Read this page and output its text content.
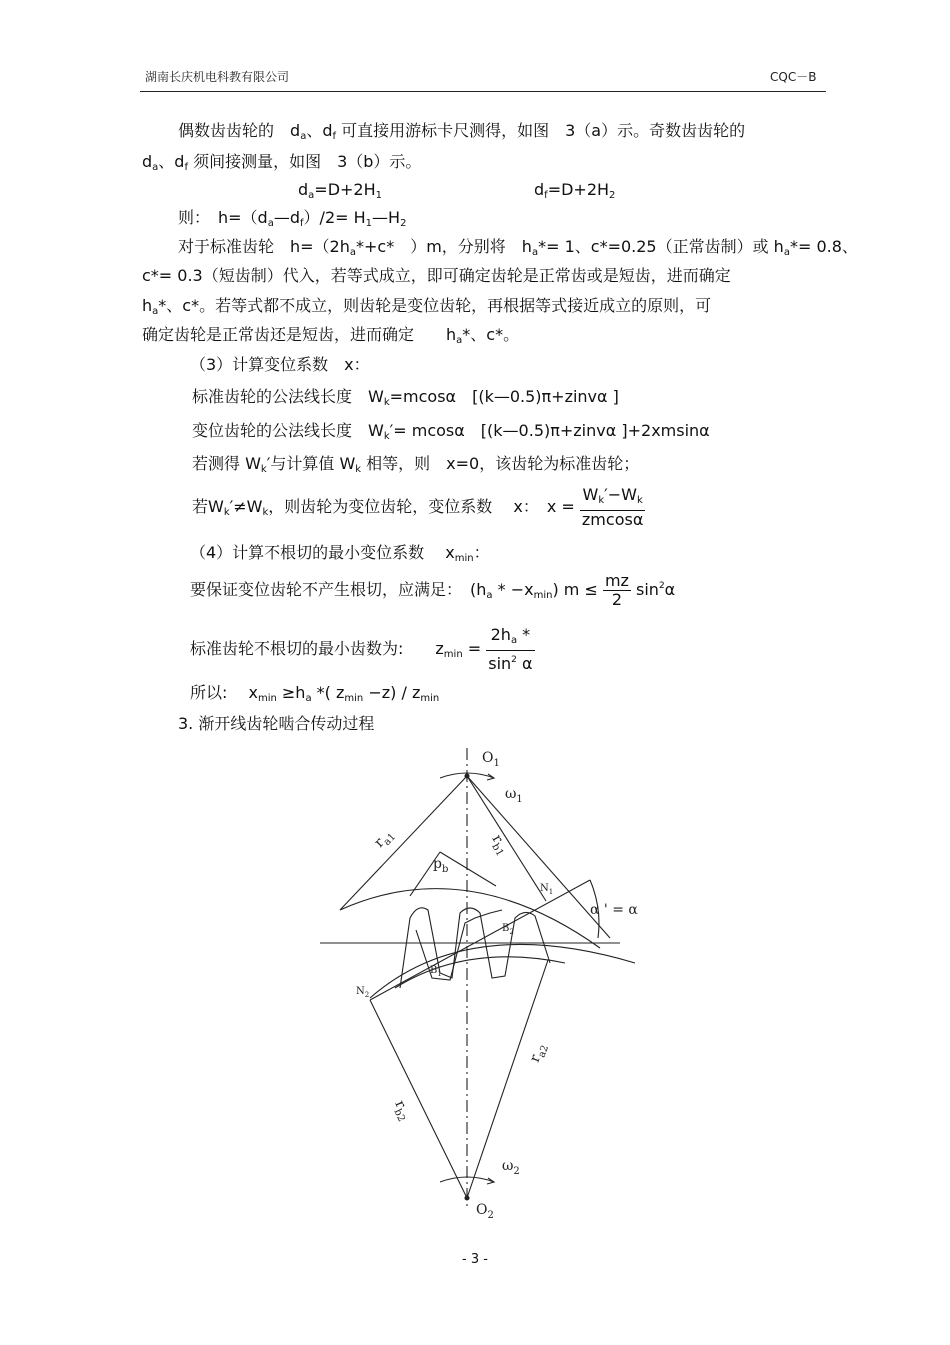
湖南长庆机电科教有限公司	CQC－B
偶数齿齿轮的　 $d_a$、$d_f$ 可直接用游标卡尺测得，如图　3（a）示。奇数齿齿轮的
$d_a$、$d_f$ 须间接测量，如图　3（b）示。
$d_a=D+2H_1$	$d_f=D+2H_2$
则：　$h=(d_a—d_f)/2=$ $H_1—H_2$
对于标准齿轮　$h=(2h_a*+c*$　）m，分别将　$h_a*= 1$、c*=0.25（正常齿制）或 $h_a*= 0.8$、
c*= 0.3（短齿制）代入，若等式成立，即可确定齿轮是正常齿或是短齿，进而确定
$h_a*$、c*。若等式都不成立，则齿轮是变位齿轮，再根据等式接近成立的原则，可
确定齿轮是正常齿还是短齿，进而确定　　$h_a*$、c*。
（3）计算变位系数　x：
标准齿轮的公法线长度　$W_k=mcos\alpha$　[(k—0.5)π+zinvα ]
变位齿轮的公法线长度　$W_k'= mcos\alpha$　[(k—0.5)π+zinvα ]+2xmsinα
若测得 $W_k'$与计算值 $W_k$ 相等，则　x=0，该齿轮为标准齿轮；
若$W_k'\ne W_k$，则齿轮为变位齿轮，变位系数　 x：　$x = \frac{W_k'-W_k}{zmcos\alpha}$
（4）计算不根切的最小变位系数　 $x_{min}$：
要保证变位齿轮不产生根切，应满足：　$(h_a * -x_{min}) m \le \frac{mz}{2} \sin^2\alpha$
标准齿轮不根切的最小齿数为:　　$z_{min} = \frac{2h_a *}{\sin^2 \alpha}$
所以:　 $x_{min} \ge h_a$ *( $z_{min} -z) / z_{min}$
3. 渐开线齿轮啮合传动过程
$O_1$
$\omega_1$
$r_{a1}$	$r_{b1}$
$p_b$
$N_1$
α ' = α
$B_2$
$B_1$
$N_2$
$r_{a2}$
$r_{b2}$
$\omega_2$
$O_2$
- 3 -
